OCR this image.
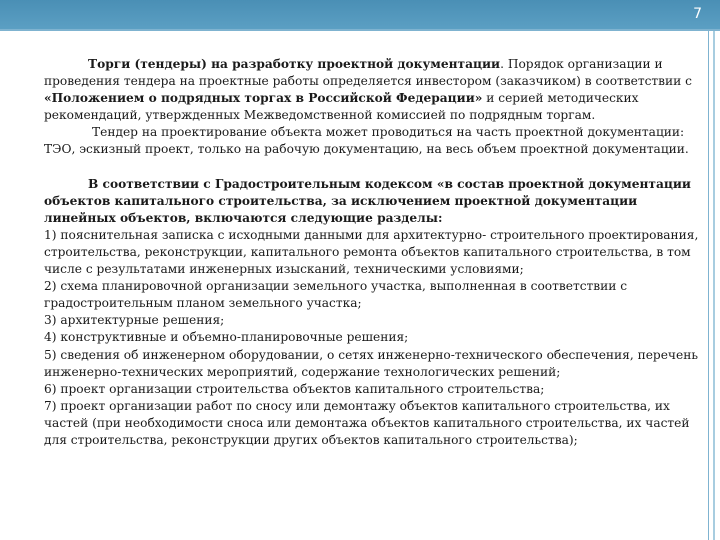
7

Торги (тендеры) на разработку проектной документации. Порядок организации и проведения тендера на проектные работы определяется инвестором (заказчиком) в соответствии с «Положением о подрядных торгах в Российской Федерации» и серией методических рекомендаций, утвержденных Межведомственной комиссией по подрядным торгам.

Тендер на проектирование объекта может проводиться на часть проектной документации: ТЭО, эскизный проект, только на рабочую документацию, на весь объем проектной документации.

В соответствии с Градостроительным кодексом «в состав проектной документации объектов капитального строительства, за исключением проектной документации линейных объектов, включаются следующие разделы:

1) пояснительная записка с исходными данными для архитектурно- строительного проектирования, строительства, реконструкции, капитального ремонта объектов капитального строительства, в том числе с результатами инженерных изысканий, техническими условиями;

2) схема планировочной организации земельного участка, выполненная в соответствии с градостроительным планом земельного участка;

3) архитектурные решения;

4) конструктивные и объемно-планировочные решения;

5) сведения об инженерном оборудовании, о сетях инженерно-технического обеспечения, перечень инженерно-технических мероприятий, содержание технологических решений;

6) проект организации строительства объектов капитального строительства;

7) проект организации работ по сносу или демонтажу объектов капитального строительства, их частей (при необходимости сноса или демонтажа объектов капитального строительства, их частей для строительства, реконструкции других объектов капитального строительства);
